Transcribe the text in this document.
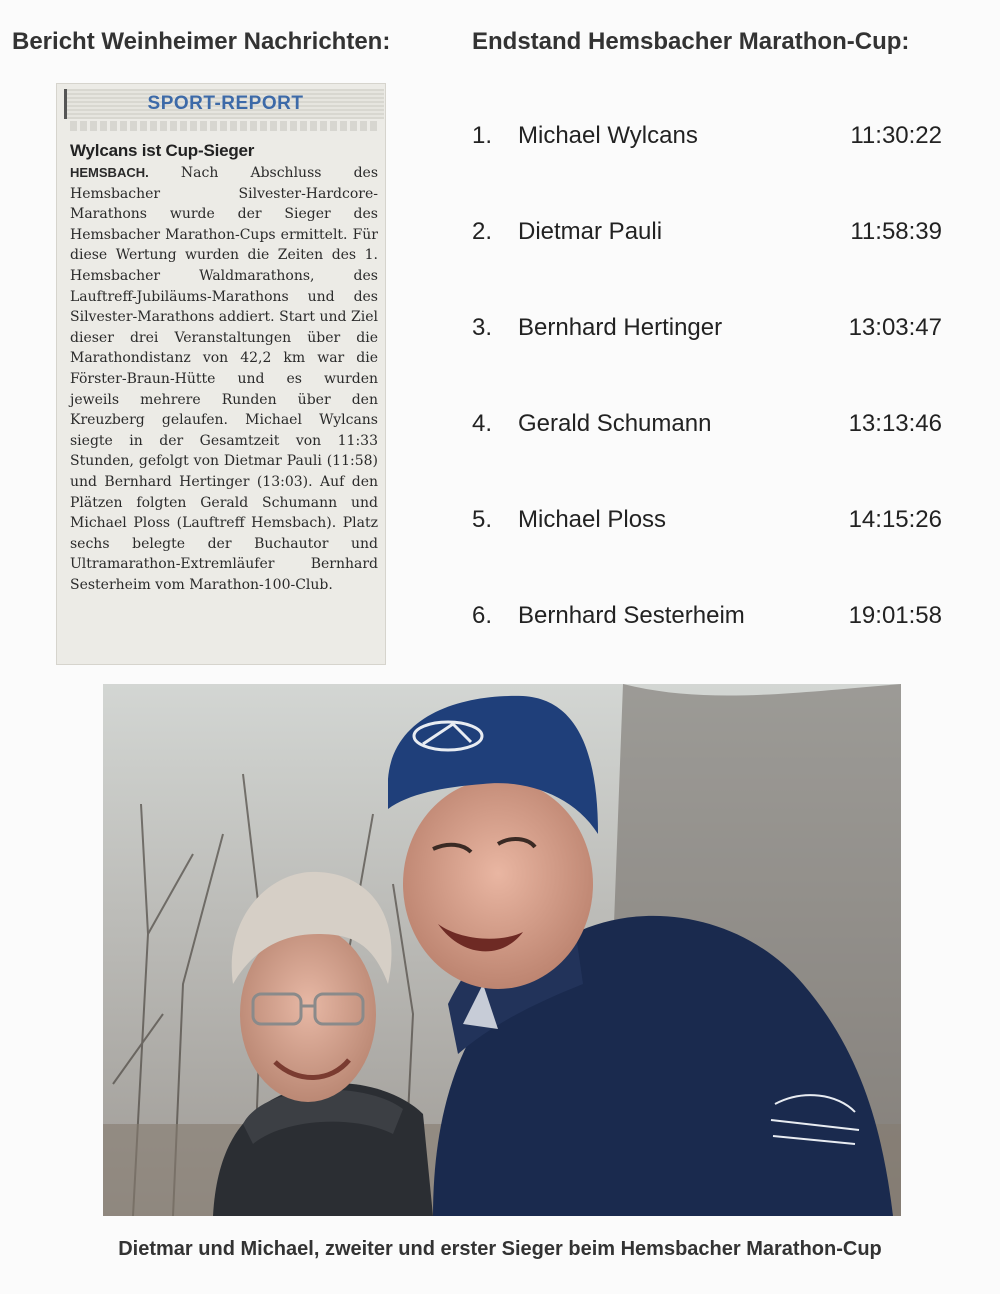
Bericht Weinheimer Nachrichten:	Endstand Hemsbacher Marathon-Cup:
SPORT-REPORT
Wylcans ist Cup-Sieger

HEMSBACH. Nach Abschluss des Hemsbacher Silvester-Hardcore-Marathons wurde der Sieger des Hemsbacher Marathon-Cups ermittelt. Für diese Wertung wurden die Zeiten des 1. Hemsbacher Waldmarathons, des Lauftreff-Jubiläums-Marathons und des Silvester-Marathons addiert. Start und Ziel dieser drei Veranstaltungen über die Marathondistanz von 42,2 km war die Förster-Braun-Hütte und es wurden jeweils mehrere Runden über den Kreuzberg gelaufen. Michael Wylcans siegte in der Gesamtzeit von 11:33 Stunden, gefolgt von Dietmar Pauli (11:58) und Bernhard Hertinger (13:03). Auf den Plätzen folgten Gerald Schumann und Michael Ploss (Lauftreff Hemsbach). Platz sechs belegte der Buchautor und Ultramarathon-Extremläufer Bernhard Sesterheim vom Marathon-100-Club.

1. Michael Wylcans	11:30:22
2. Dietmar Pauli	11:58:39
3. Bernhard Hertinger	13:03:47
4. Gerald Schumann	13:13:46
5. Michael Ploss	14:15:26
6. Bernhard Sesterheim	19:01:58

Dietmar und Michael, zweiter und erster Sieger beim Hemsbacher Marathon-Cup
